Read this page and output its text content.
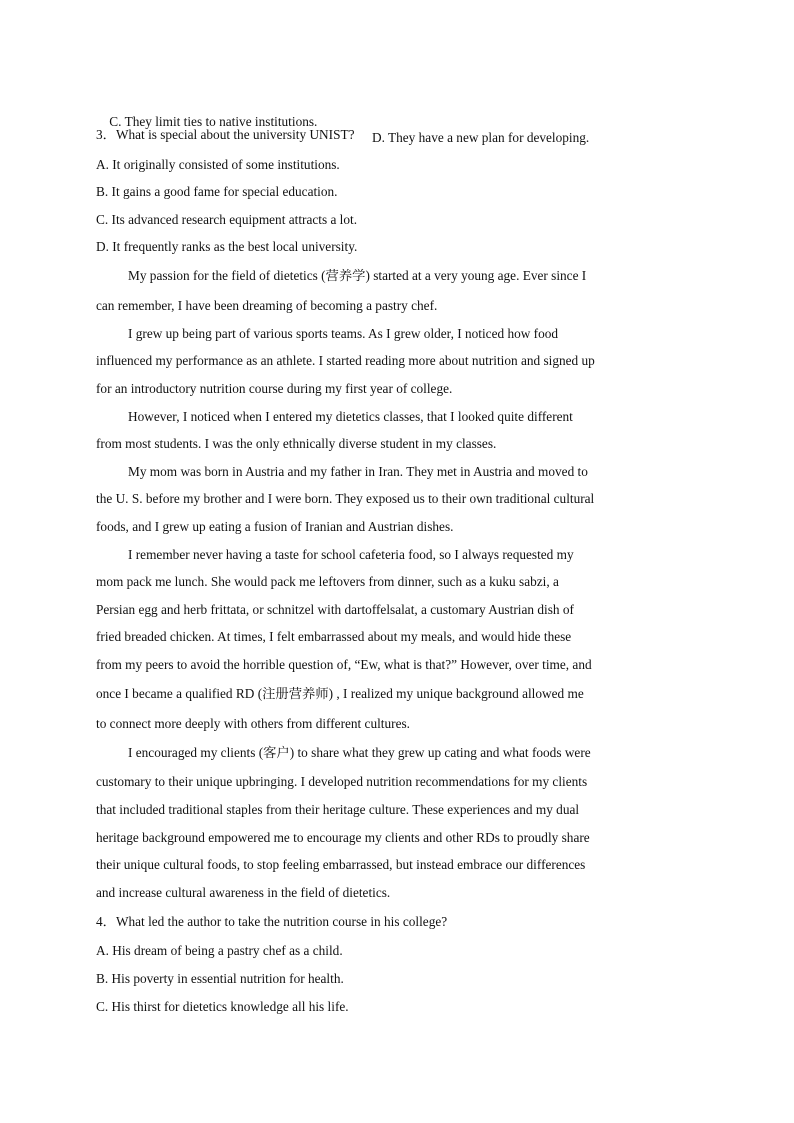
C. They limit ties to native institutions.

D. They have a new plan for developing.

3．What is special about the university UNIST?
A. It originally consisted of some institutions.
B. It gains a good fame for special education.
C. Its advanced research equipment attracts a lot.
D. It frequently ranks as the best local university.
My passion for the field of dietetics (营养学) started at a very young age. Ever since I
can remember, I have been dreaming of becoming a pastry chef.
I grew up being part of various sports teams. As I grew older, I noticed how food
influenced my performance as an athlete. I started reading more about nutrition and signed up
for an introductory nutrition course during my first year of college.
However, I noticed when I entered my dietetics classes, that I looked quite different
from most students. I was the only ethnically diverse student in my classes.
My mom was born in Austria and my father in Iran. They met in Austria and moved to
the U. S. before my brother and I were born. They exposed us to their own traditional cultural
foods, and I grew up eating a fusion of Iranian and Austrian dishes.
I remember never having a taste for school cafeteria food, so I always requested my
mom pack me lunch. She would pack me leftovers from dinner, such as a kuku sabzi, a
Persian egg and herb frittata, or schnitzel with dartoffelsalat, a customary Austrian dish of
fried breaded chicken. At times, I felt embarrassed about my meals, and would hide these
from my peers to avoid the horrible question of, “Ew, what is that?” However, over time, and
once I became a qualified RD (注册营养师) , I realized my unique background allowed me
to connect more deeply with others from different cultures.
I encouraged my clients (客户) to share what they grew up cating and what foods were
customary to their unique upbringing. I developed nutrition recommendations for my clients
that included traditional staples from their heritage culture. These experiences and my dual
heritage background empowered me to encourage my clients and other RDs to proudly share
their unique cultural foods, to stop feeling embarrassed, but instead embrace our differences
and increase cultural awareness in the field of dietetics.
4．What led the author to take the nutrition course in his college?
A. His dream of being a pastry chef as a child.
B. His poverty in essential nutrition for health.
C. His thirst for dietetics knowledge all his life.
